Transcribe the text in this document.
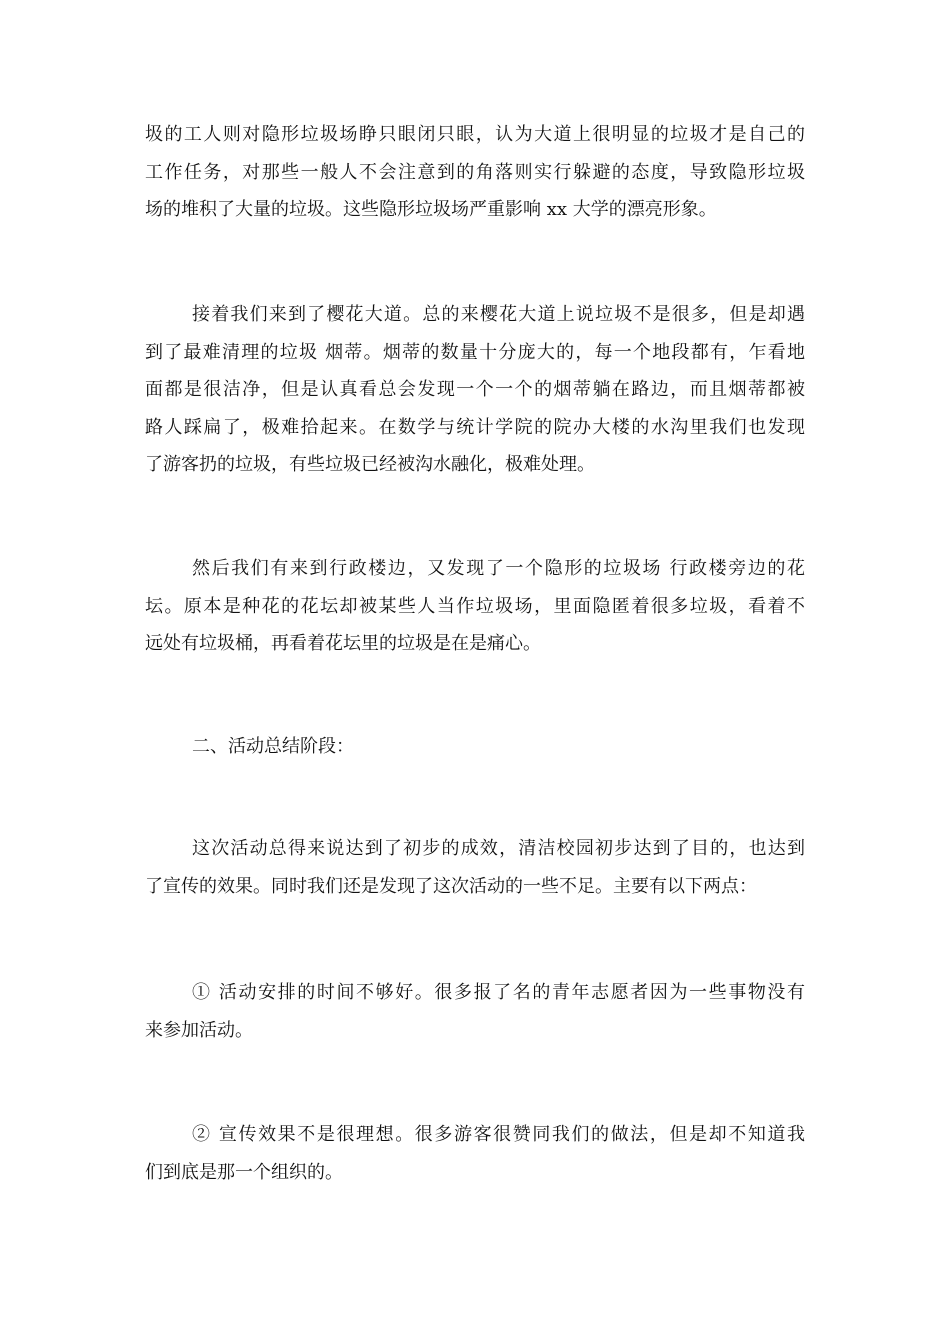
圾的工人则对隐形垃圾场睁只眼闭只眼，认为大道上很明显的垃圾才是自己的
工作任务，对那些一般人不会注意到的角落则实行躲避的态度，导致隐形垃圾
场的堆积了大量的垃圾。这些隐形垃圾场严重影响 xx 大学的漂亮形象。
接着我们来到了樱花大道。总的来樱花大道上说垃圾不是很多，但是却遇
到了最难清理的垃圾 烟蒂。烟蒂的数量十分庞大的，每一个地段都有，乍看地
面都是很洁净，但是认真看总会发现一个一个的烟蒂躺在路边，而且烟蒂都被
路人踩扁了，极难拾起来。在数学与统计学院的院办大楼的水沟里我们也发现
了游客扔的垃圾，有些垃圾已经被沟水融化，极难处理。
然后我们有来到行政楼边，又发现了一个隐形的垃圾场 行政楼旁边的花
坛。原本是种花的花坛却被某些人当作垃圾场，里面隐匿着很多垃圾，看着不
远处有垃圾桶，再看着花坛里的垃圾是在是痛心。
二、活动总结阶段：
这次活动总得来说达到了初步的成效，清洁校园初步达到了目的，也达到
了宣传的效果。同时我们还是发现了这次活动的一些不足。主要有以下两点：
① 活动安排的时间不够好。很多报了名的青年志愿者因为一些事物没有
来参加活动。
② 宣传效果不是很理想。很多游客很赞同我们的做法，但是却不知道我
们到底是那一个组织的。
